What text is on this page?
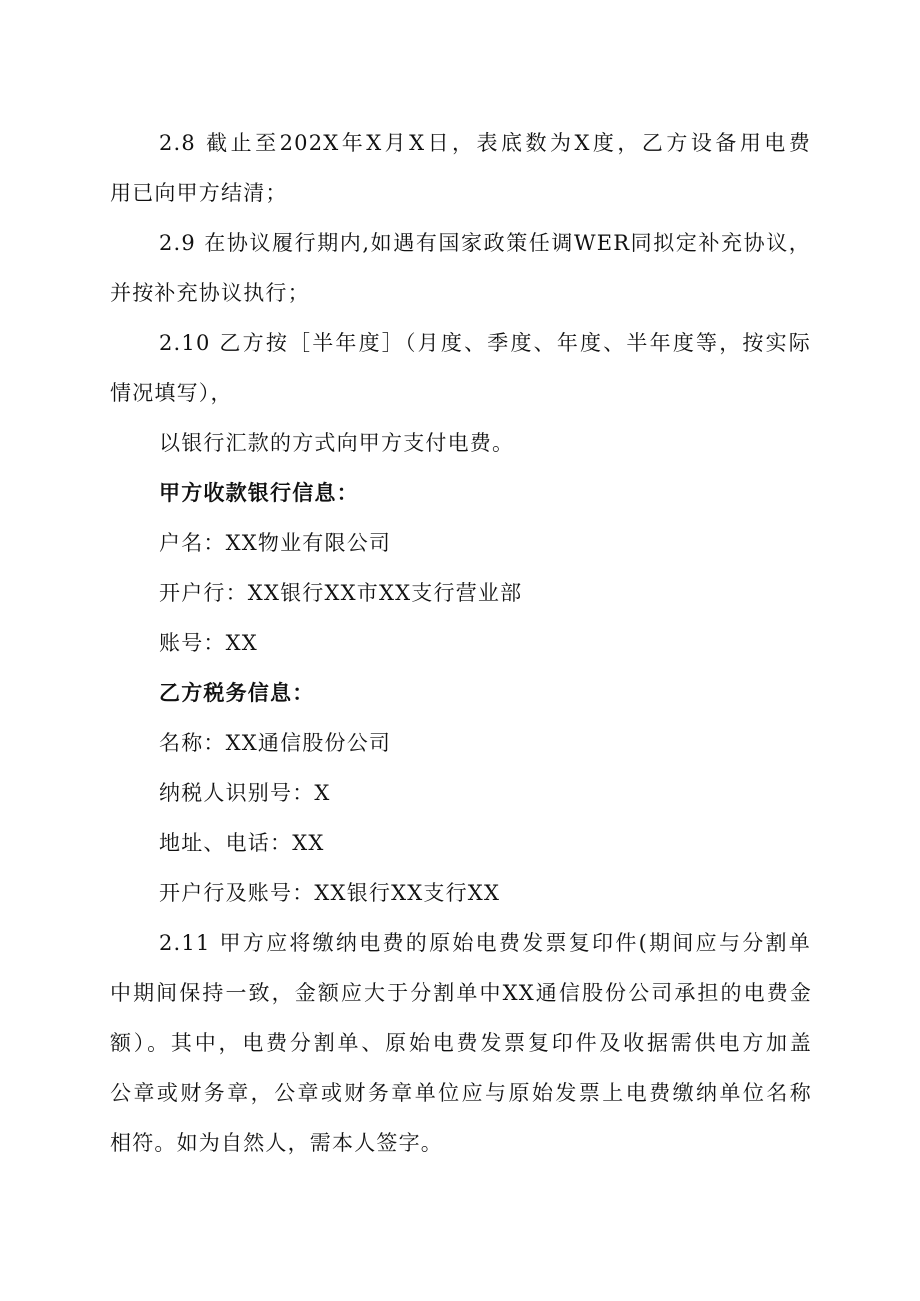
2.8 截止至202X年X月X日，表底数为X度，乙方设备用电费
用已向甲方结清；
2.9 在协议履行期内,如遇有国家政策任调WER同拟定补充协议，
并按补充协议执行；
2.10 乙方按［半年度］（月度、季度、年度、半年度等，按实际
情况填写），
以银行汇款的方式向甲方支付电费。
甲方收款银行信息：
户名：XX物业有限公司
开户行：XX银行XX市XX支行营业部
账号：XX
乙方税务信息：
名称：XX通信股份公司
纳税人识别号：X
地址、电话：XX
开户行及账号：XX银行XX支行XX
2.11 甲方应将缴纳电费的原始电费发票复印件(期间应与分割单
中期间保持一致，金额应大于分割单中XX通信股份公司承担的电费金
额）。其中，电费分割单、原始电费发票复印件及收据需供电方加盖
公章或财务章，公章或财务章单位应与原始发票上电费缴纳单位名称
相符。如为自然人，需本人签字。
